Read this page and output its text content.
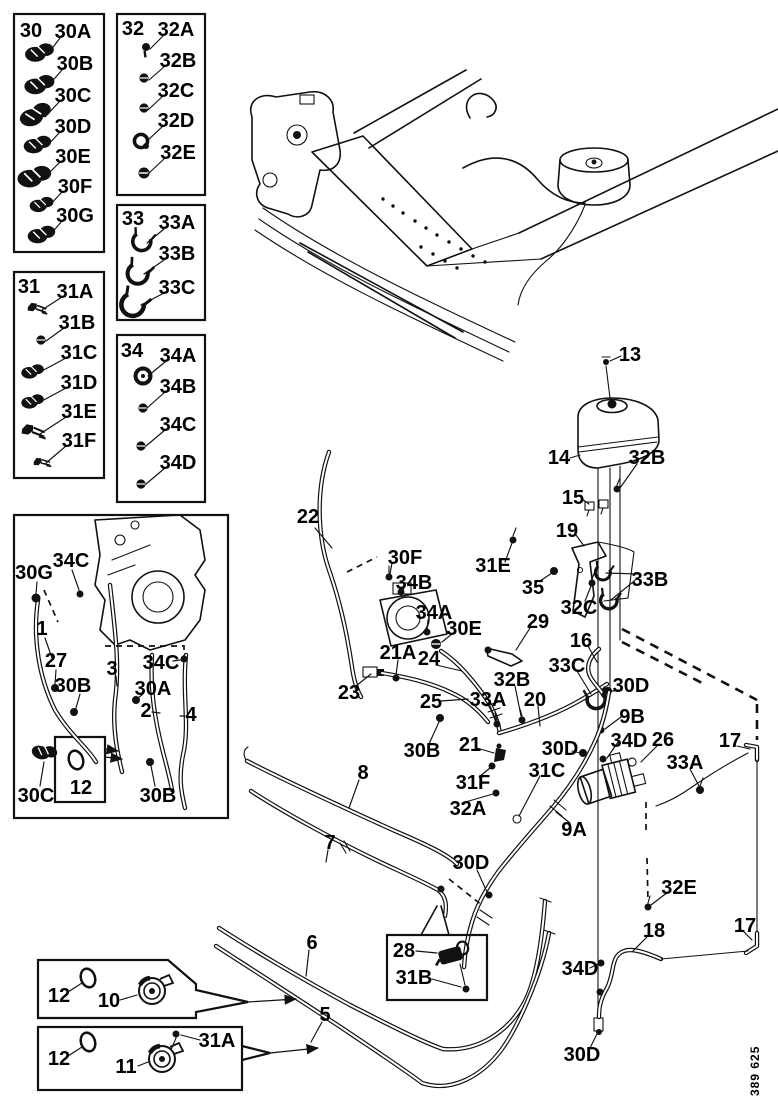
30 30A
30B
30C
30D
30E
30F
30G
32 32A
32B
32C
32D
32E
33 33A
33B
33C
31 31A
31B
31C
31D
31E
31F
34 34A
34B
34C
34D
30G
34C
1
27
30B
3 34C
30A
2 4
12
30C	30B
22
30F
34B
34A
30E
31E
35
29
13
14	32B
15
19
33B
32C
21A 24
23	25 33A
32B
20
16
33C
30D
9B
34D 26 17
33A
30B 21
31F
31C
30D
32A
9A
8
7
30D
6
5
32E
18	17
34D
30D
12 10
12 11
31A
28
31B
389 625
